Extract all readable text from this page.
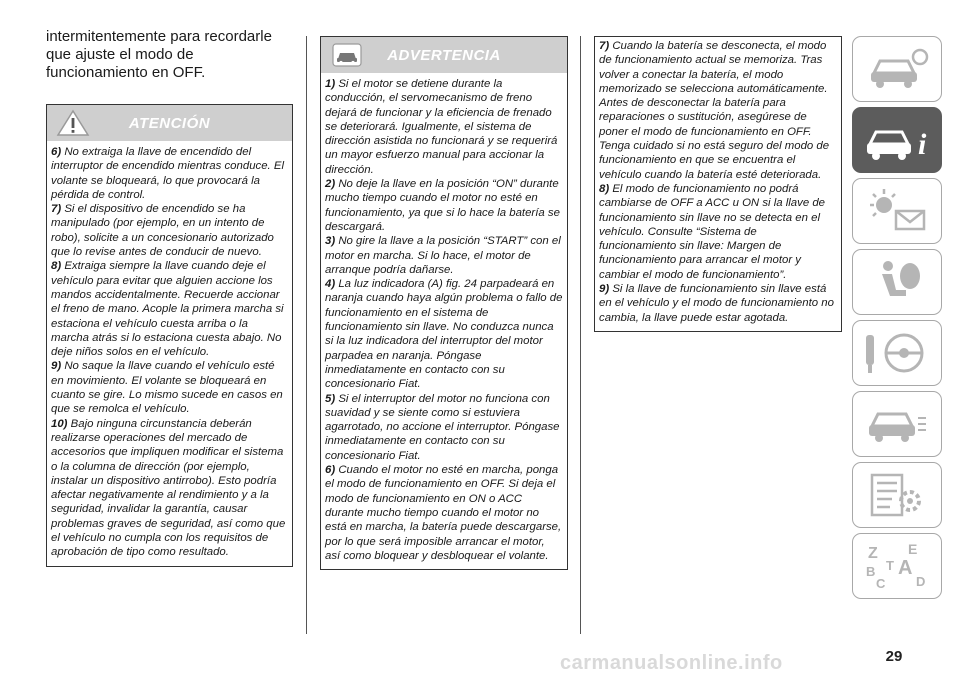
intermitentemente para recordarle que ajuste el modo de funcionamiento en OFF.

ATENCIÓN

6) No extraiga la llave de encendido del interruptor de encendido mientras conduce. El volante se bloqueará, lo que provocará la pérdida de control.

7) Si el dispositivo de encendido se ha manipulado (por ejemplo, en un intento de robo), solicite a un concesionario autorizado que lo revise antes de conducir de nuevo.

8) Extraiga siempre la llave cuando deje el vehículo para evitar que alguien accione los mandos accidentalmente. Recuerde accionar el freno de mano. Acople la primera marcha si estaciona el vehículo cuesta arriba o la marcha atrás si lo estaciona cuesta abajo. No deje niños solos en el vehículo.

9) No saque la llave cuando el vehículo esté en movimiento. El volante se bloqueará en cuanto se gire. Lo mismo sucede en casos en que se remolca el vehículo.

10) Bajo ninguna circunstancia deberán realizarse operaciones del mercado de accesorios que impliquen modificar el sistema o la columna de dirección (por ejemplo, instalar un dispositivo antirrobo). Esto podría afectar negativamente al rendimiento y a la seguridad, invalidar la garantía, causar problemas graves de seguridad, así como que el vehículo no cumpla con los requisitos de aprobación de tipo como resultado.

ADVERTENCIA

1) Si el motor se detiene durante la conducción, el servomecanismo de freno dejará de funcionar y la eficiencia de frenado se deteriorará. Igualmente, el sistema de dirección asistida no funcionará y se requerirá un mayor esfuerzo manual para accionar la dirección.

2) No deje la llave en la posición “ON” durante mucho tiempo cuando el motor no esté en funcionamiento, ya que si lo hace la batería se descargará.

3) No gire la llave a la posición “START” con el motor en marcha. Si lo hace, el motor de arranque podría dañarse.

4) La luz indicadora (A) fig. 24 parpadeará en naranja cuando haya algún problema o fallo de funcionamiento en el sistema de funcionamiento sin llave. No conduzca nunca si la luz indicadora del interruptor del motor parpadea en naranja. Póngase inmediatamente en contacto con su concesionario Fiat.

5) Si el interruptor del motor no funciona con suavidad y se siente como si estuviera agarrotado, no accione el interruptor. Póngase inmediatamente en contacto con su concesionario Fiat.

6) Cuando el motor no esté en marcha, ponga el modo de funcionamiento en OFF. Si deja el modo de funcionamiento en ON o ACC durante mucho tiempo cuando el motor no está en marcha, la batería puede descargarse, por lo que será imposible arrancar el motor, así como bloquear y desbloquear el volante.

7) Cuando la batería se desconecta, el modo de funcionamiento actual se memoriza. Tras volver a conectar la batería, el modo memorizado se selecciona automáticamente. Antes de desconectar la batería para reparaciones o sustitución, asegúrese de poner el modo de funcionamiento en OFF. Tenga cuidado si no está seguro del modo de funcionamiento en que se encuentra el vehículo cuando la batería esté deteriorada.

8) El modo de funcionamiento no podrá cambiarse de OFF a ACC u ON si la llave de funcionamiento sin llave no se detecta en el vehículo. Consulte “Sistema de funcionamiento sin llave: Margen de funcionamiento para arrancar el motor y cambiar el modo de funcionamiento”.

9) Si la llave de funcionamiento sin llave está en el vehículo y el modo de funcionamiento no cambia, la llave puede estar agotada.

i
Z E
B A
C D
T
carmanualsonline.info	29
